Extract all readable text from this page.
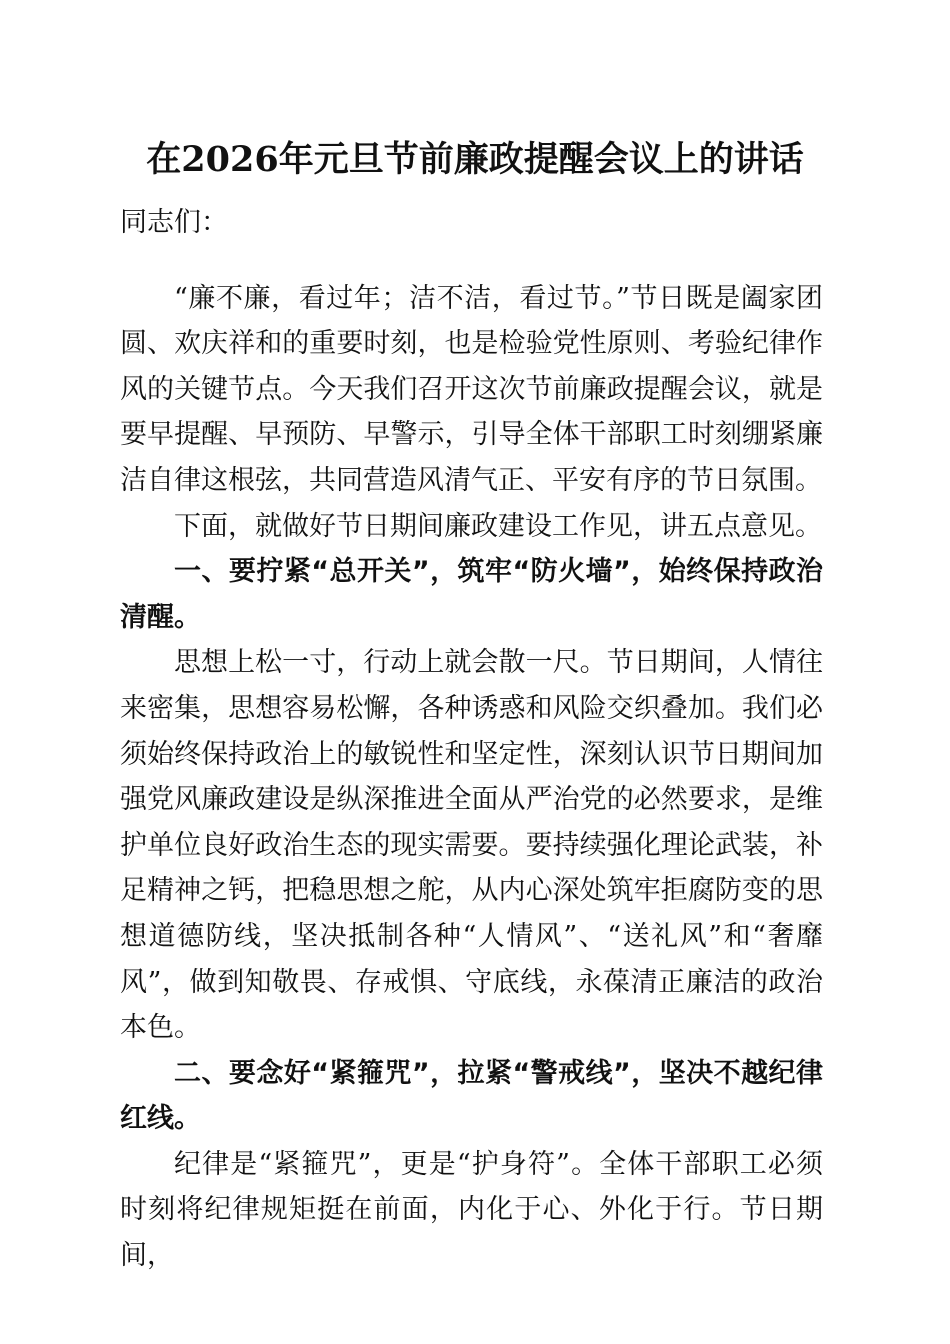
在2026年元旦节前廉政提醒会议上的讲话

同志们：

“廉不廉，看过年；洁不洁，看过节。”节日既是阖家团圆、欢庆祥和的重要时刻，也是检验党性原则、考验纪律作风的关键节点。今天我们召开这次节前廉政提醒会议，就是要早提醒、早预防、早警示，引导全体干部职工时刻绷紧廉洁自律这根弦，共同营造风清气正、平安有序的节日氛围。

下面，就做好节日期间廉政建设工作见，讲五点意见。

一、要拧紧“总开关”，筑牢“防火墙”，始终保持政治清醒。

思想上松一寸，行动上就会散一尺。节日期间，人情往来密集，思想容易松懈，各种诱惑和风险交织叠加。我们必须始终保持政治上的敏锐性和坚定性，深刻认识节日期间加强党风廉政建设是纵深推进全面从严治党的必然要求，是维护单位良好政治生态的现实需要。要持续强化理论武装，补足精神之钙，把稳思想之舵，从内心深处筑牢拒腐防变的思想道德防线，坚决抵制各种“人情风”、“送礼风”和“奢靡风”，做到知敬畏、存戒惧、守底线，永葆清正廉洁的政治本色。

二、要念好“紧箍咒”，拉紧“警戒线”，坚决不越纪律红线。

纪律是“紧箍咒”，更是“护身符”。全体干部职工必须时刻将纪律规矩挺在前面，内化于心、外化于行。节日期间，
